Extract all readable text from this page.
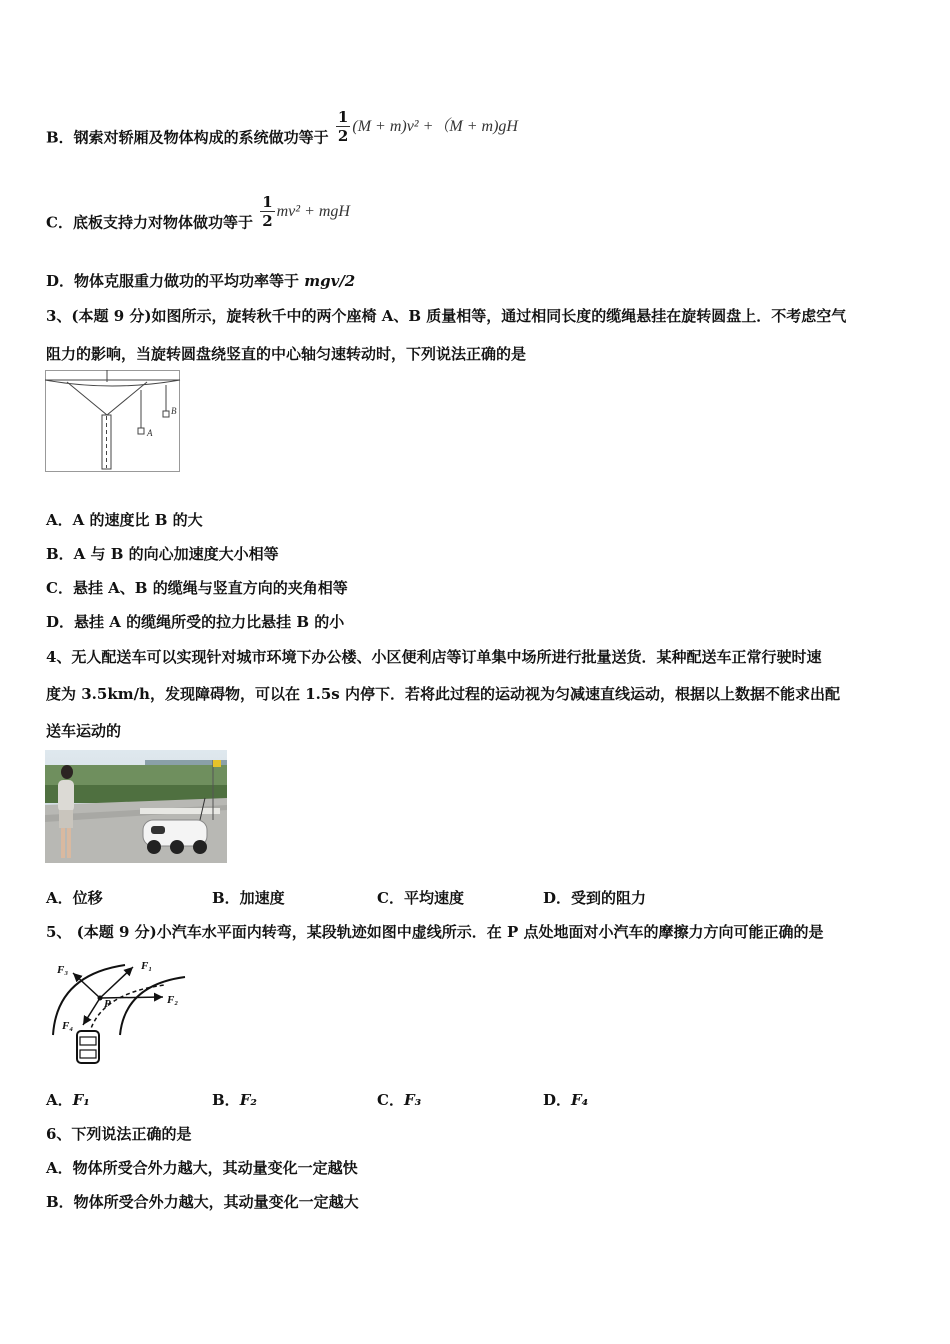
B．钢索对轿厢及物体构成的系统做功等于 $\frac{1}{2} (M + m)v^2 +(M + m)gH$
C．底板支持力对物体做功等于 $\frac{1}{2} mv^2$ + mgH
D．物体克服重力做功的平均功率等于 mgv/2
3、(本题 9 分)如图所示，旋转秋千中的两个座椅 A、B 质量相等，通过相同长度的缆绳悬挂在旋转圆盘上．不考虑空气
阻力的影响，当旋转圆盘绕竖直的中心轴匀速转动时，下列说法正确的是
A
B
A．A 的速度比 B 的大
B．A 与 B 的向心加速度大小相等
C．悬挂 A、B 的缆绳与竖直方向的夹角相等
D．悬挂 A 的缆绳所受的拉力比悬挂 B 的小
4、无人配送车可以实现针对城市环境下办公楼、小区便利店等订单集中场所进行批量送货．某种配送车正常行驶时速
度为 3.5km/h，发现障碍物，可以在 1.5s 内停下．若将此过程的运动视为匀减速直线运动，根据以上数据不能求出配
送车运动的
A．位移	B．加速度	C．平均速度	D．受到的阻力
5、 (本题 9 分)小汽车水平面内转弯，某段轨迹如图中虚线所示．在 P 点处地面对小汽车的摩擦力方向可能正确的是
F₃	F₁
F₂
F₄
P
A．F₁	B．F₂	C．F₃	D．F₄
6、下列说法正确的是
A．物体所受合外力越大，其动量变化一定越快
B．物体所受合外力越大，其动量变化一定越大
